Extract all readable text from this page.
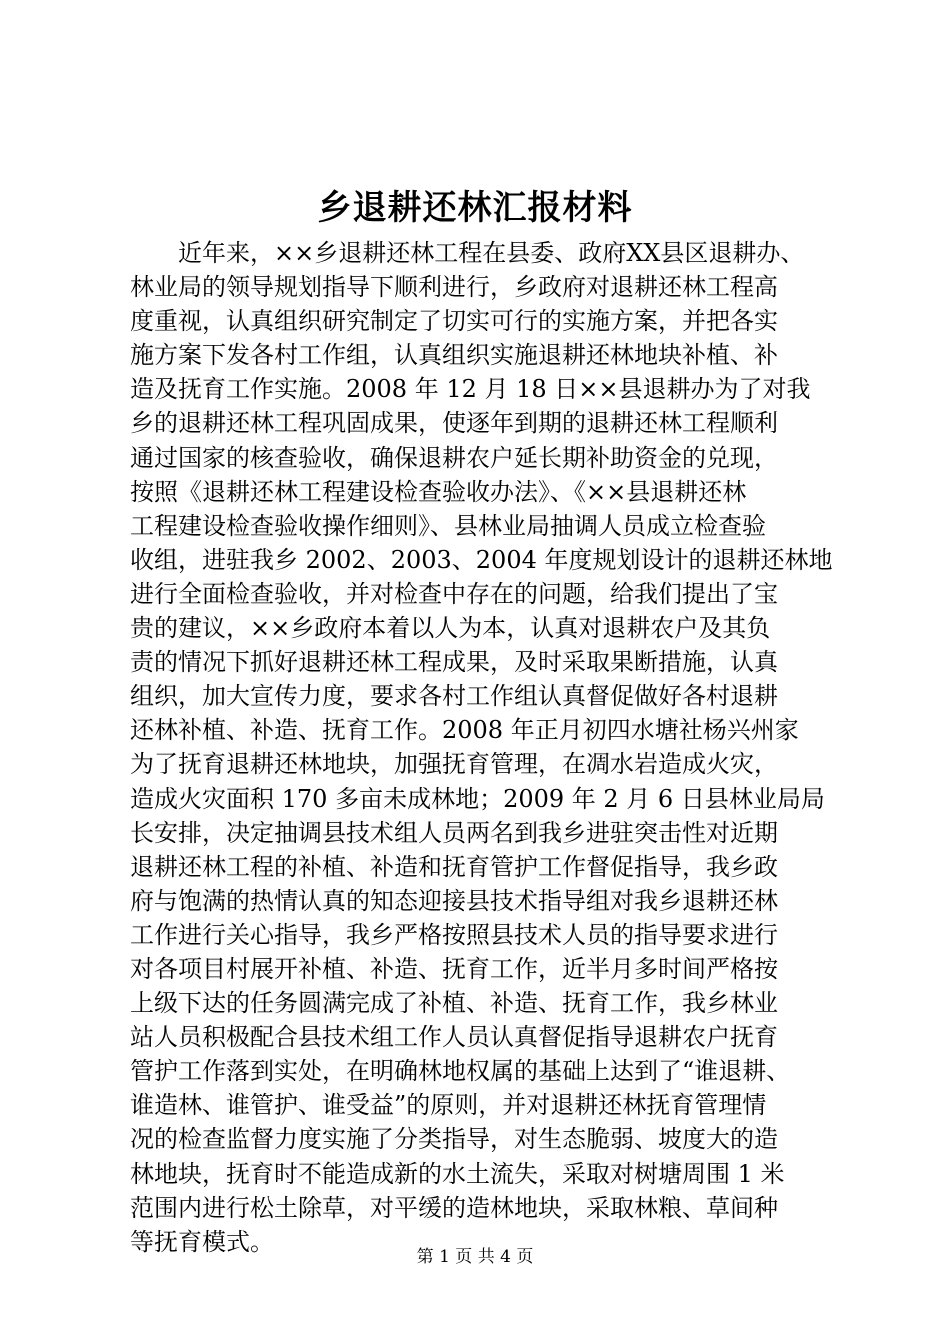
乡退耕还林汇报材料
　　近年来，××乡退耕还林工程在县委、政府XX县区退耕办、
林业局的领导规划指导下顺利进行，乡政府对退耕还林工程高
度重视，认真组织研究制定了切实可行的实施方案，并把各实
施方案下发各村工作组，认真组织实施退耕还林地块补植、补
造及抚育工作实施。2008 年 12 月 18 日××县退耕办为了对我
乡的退耕还林工程巩固成果，使逐年到期的退耕还林工程顺利
通过国家的核查验收，确保退耕农户延长期补助资金的兑现，
按照《退耕还林工程建设检查验收办法》、《××县退耕还林
工程建设检查验收操作细则》、县林业局抽调人员成立检查验
收组，进驻我乡 2002、2003、2004 年度规划设计的退耕还林地
进行全面检查验收，并对检查中存在的问题，给我们提出了宝
贵的建议，××乡政府本着以人为本，认真对退耕农户及其负
责的情况下抓好退耕还林工程成果，及时采取果断措施，认真
组织，加大宣传力度，要求各村工作组认真督促做好各村退耕
还林补植、补造、抚育工作。2008 年正月初四水塘社杨兴州家
为了抚育退耕还林地块，加强抚育管理，在凋水岩造成火灾，
造成火灾面积 170 多亩未成林地；2009 年 2 月 6 日县林业局局
长安排，决定抽调县技术组人员两名到我乡进驻突击性对近期
退耕还林工程的补植、补造和抚育管护工作督促指导，我乡政
府与饱满的热情认真的知态迎接县技术指导组对我乡退耕还林
工作进行关心指导，我乡严格按照县技术人员的指导要求进行
对各项目村展开补植、补造、抚育工作，近半月多时间严格按
上级下达的任务圆满完成了补植、补造、抚育工作，我乡林业
站人员积极配合县技术组工作人员认真督促指导退耕农户抚育
管护工作落到实处，在明确林地权属的基础上达到了“谁退耕、
谁造林、谁管护、谁受益”的原则，并对退耕还林抚育管理情
况的检查监督力度实施了分类指导，对生态脆弱、坡度大的造
林地块，抚育时不能造成新的水土流失，采取对树塘周围 1 米
范围内进行松土除草，对平缓的造林地块，采取林粮、草间种
等抚育模式。
第 1 页 共 4 页
